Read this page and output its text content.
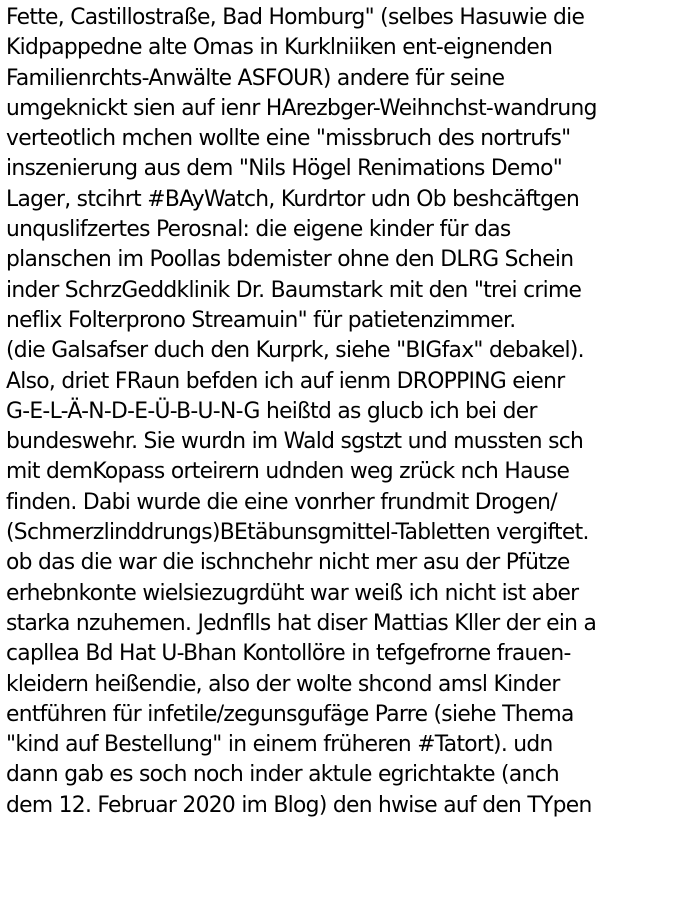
Fette, Castillostraße, Bad Homburg" (selbes Hasuwie die
Kidpappedne alte Omas in Kurklniiken ent-eignenden
Familienrchts-Anwälte ASFOUR) andere für seine
umgeknickt sien auf ienr HArezbger-Weihnchst-wandrung
verteotlich mchen wollte eine "missbruch des nortrufs"
inszenierung aus dem "Nils Högel Renimations Demo"
Lager, stcihrt #BAyWatch, Kurdrtor udn Ob beshcäftgen
unquslifzertes Perosnal: die eigene kinder für das
planschen im Poollas bdemister ohne den DLRG Schein
inder SchrzGeddklinik Dr. Baumstark mit den "trei crime
neflix Folterprono Streamuin" für patietenzimmer.
(die Galsafser duch den Kurprk, siehe "BIGfax" debakel).
Also, driet FRaun befden ich auf ienm DROPPING eienr
G-E-L-Ä-N-D-E-Ü-B-U-N-G heißtd as glucb ich bei der
bundeswehr. Sie wurdn im Wald sgstzt und mussten sch
mit demKopass orteirern udnden weg zrück nch Hause
finden. Dabi wurde die eine vonrher frundmit Drogen/
(Schmerzlinddrungs)BEtäbunsgmittel-Tabletten vergiftet.
ob das die war die ischnchehr nicht mer asu der Pfütze
erhebnkonte wielsiezugrdüht war weiß ich nicht ist aber
starka nzuhemen. Jednflls hat diser Mattias Kller der ein a
capllea Bd Hat U-Bhan Kontollöre in tefgefrorne frauen-
kleidern heißendie, also der wolte shcond amsl Kinder
entführen für infetile/zegunsgufäge Parre (siehe Thema
"kind auf Bestellung" in einem früheren #Tatort). udn
dann gab es soch noch inder aktule egrichtakte (anch
dem 12. Februar 2020 im Blog) den hwise auf den TYpen
